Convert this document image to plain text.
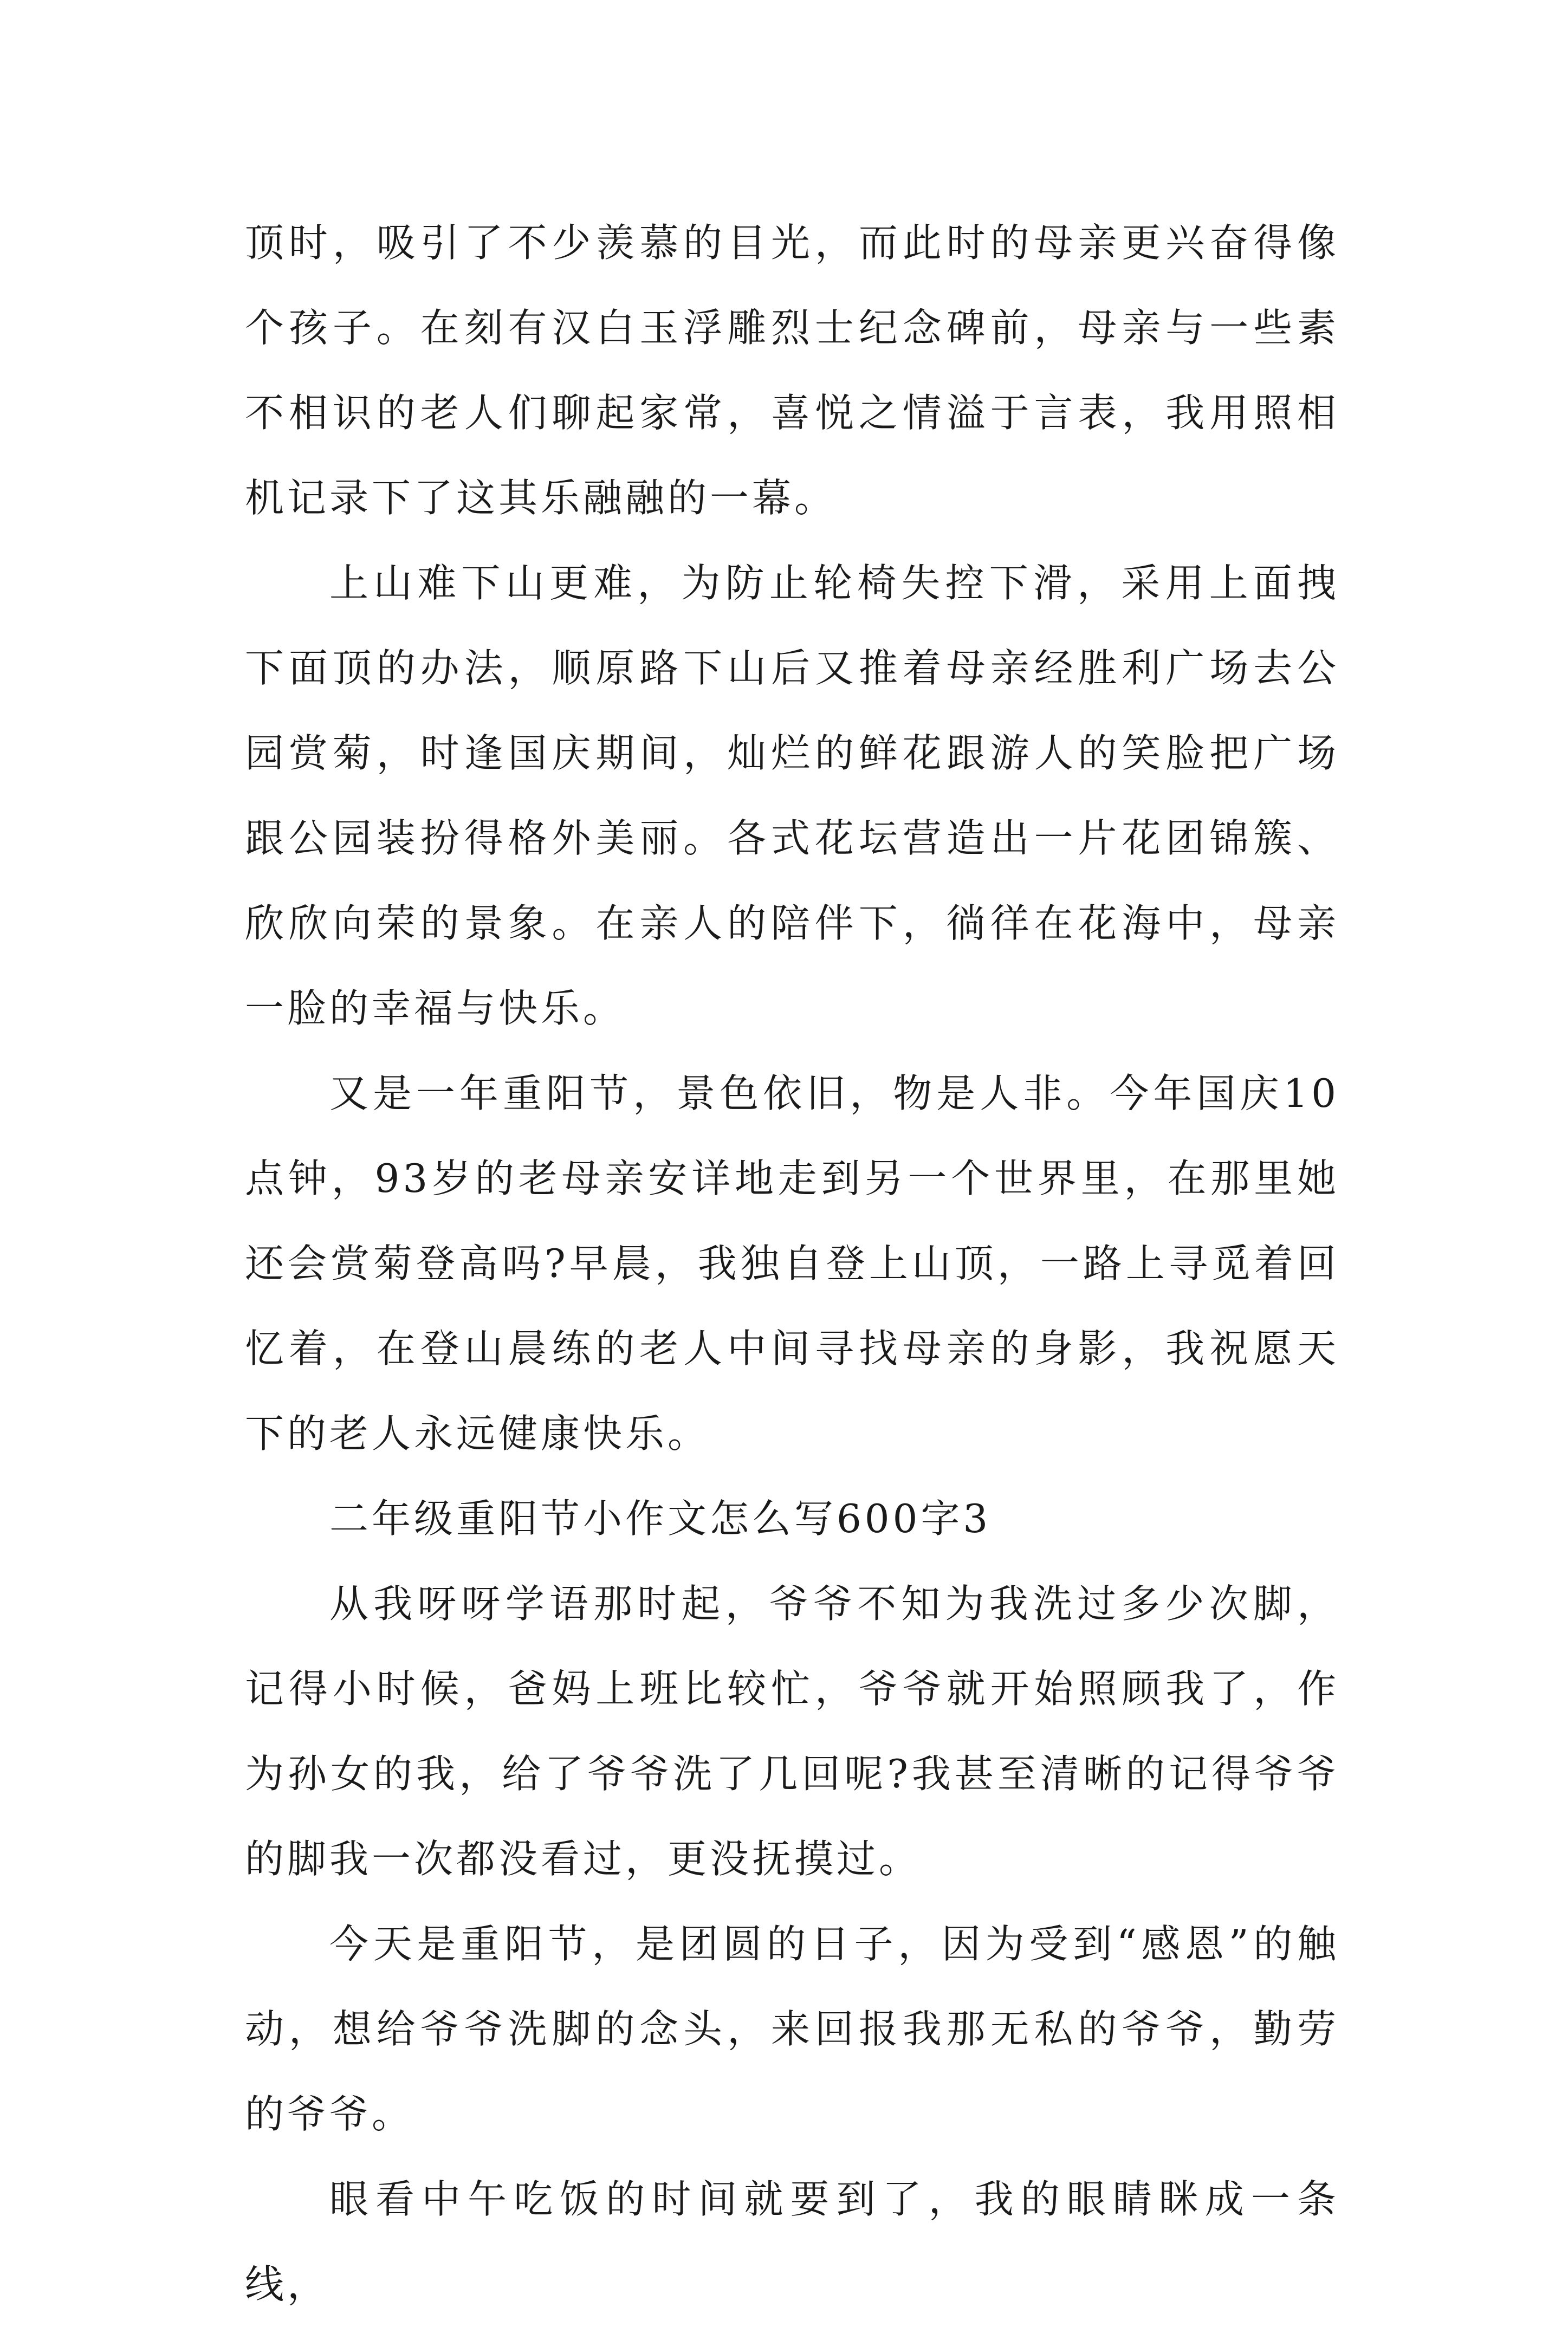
顶时，吸引了不少羡慕的目光，而此时的母亲更兴奋得像个孩子。在刻有汉白玉浮雕烈士纪念碑前，母亲与一些素不相识的老人们聊起家常，喜悦之情溢于言表，我用照相机记录下了这其乐融融的一幕。

上山难下山更难，为防止轮椅失控下滑，采用上面拽下面顶的办法，顺原路下山后又推着母亲经胜利广场去公园赏菊，时逢国庆期间，灿烂的鲜花跟游人的笑脸把广场跟公园装扮得格外美丽。各式花坛营造出一片花团锦簇、欣欣向荣的景象。在亲人的陪伴下，徜徉在花海中，母亲一脸的幸福与快乐。

又是一年重阳节，景色依旧，物是人非。今年国庆10点钟，93岁的老母亲安详地走到另一个世界里，在那里她还会赏菊登高吗?早晨，我独自登上山顶，一路上寻觅着回忆着，在登山晨练的老人中间寻找母亲的身影，我祝愿天下的老人永远健康快乐。

二年级重阳节小作文怎么写600字3

从我呀呀学语那时起，爷爷不知为我洗过多少次脚，记得小时候，爸妈上班比较忙，爷爷就开始照顾我了，作为孙女的我，给了爷爷洗了几回呢?我甚至清晰的记得爷爷的脚我一次都没看过，更没抚摸过。

今天是重阳节，是团圆的日子，因为受到“感恩”的触动，想给爷爷洗脚的念头，来回报我那无私的爷爷，勤劳的爷爷。

眼看中午吃饭的时间就要到了，我的眼睛眯成一条线，
